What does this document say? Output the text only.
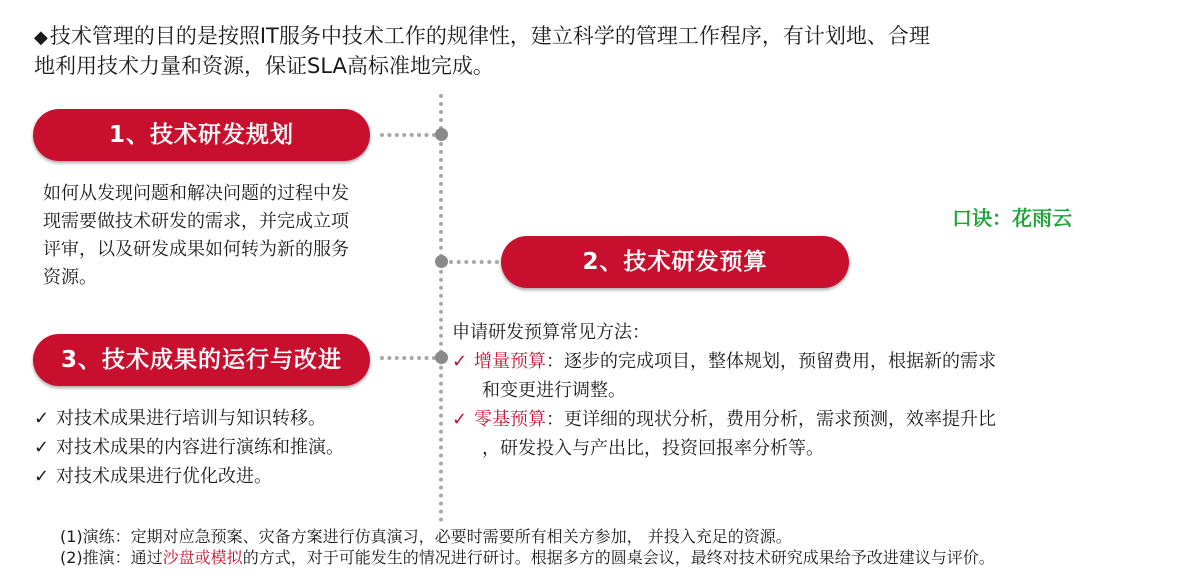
◆技术管理的目的是按照IT服务中技术工作的规律性，建立科学的管理工作程序，有计划地、合理
地利用技术力量和资源，保证SLA高标准地完成。
1、技术研发规划
如何从发现问题和解决问题的过程中发
现需要做技术研发的需求，并完成立项
评审，以及研发成果如何转为新的服务
资源。
口诀：花雨云
2、技术研发预算
申请研发预算常见方法：
✓ 增量预算：逐步的完成项目，整体规划，预留费用，根据新的需求
和变更进行调整。
✓ 零基预算：更详细的现状分析，费用分析，需求预测，效率提升比
，研发投入与产出比，投资回报率分析等。
3、技术成果的运行与改进
✓ 对技术成果进行培训与知识转移。
✓ 对技术成果的内容进行演练和推演。
✓ 对技术成果进行优化改进。
(1)演练：定期对应急预案、灾备方案进行仿真演习，必要时需要所有相关方参加， 并投入充足的资源。
(2)推演：通过沙盘或模拟的方式，对于可能发生的情况进行研讨。根据多方的圆桌会议，最终对技术研究成果给予改进建议与评价。
